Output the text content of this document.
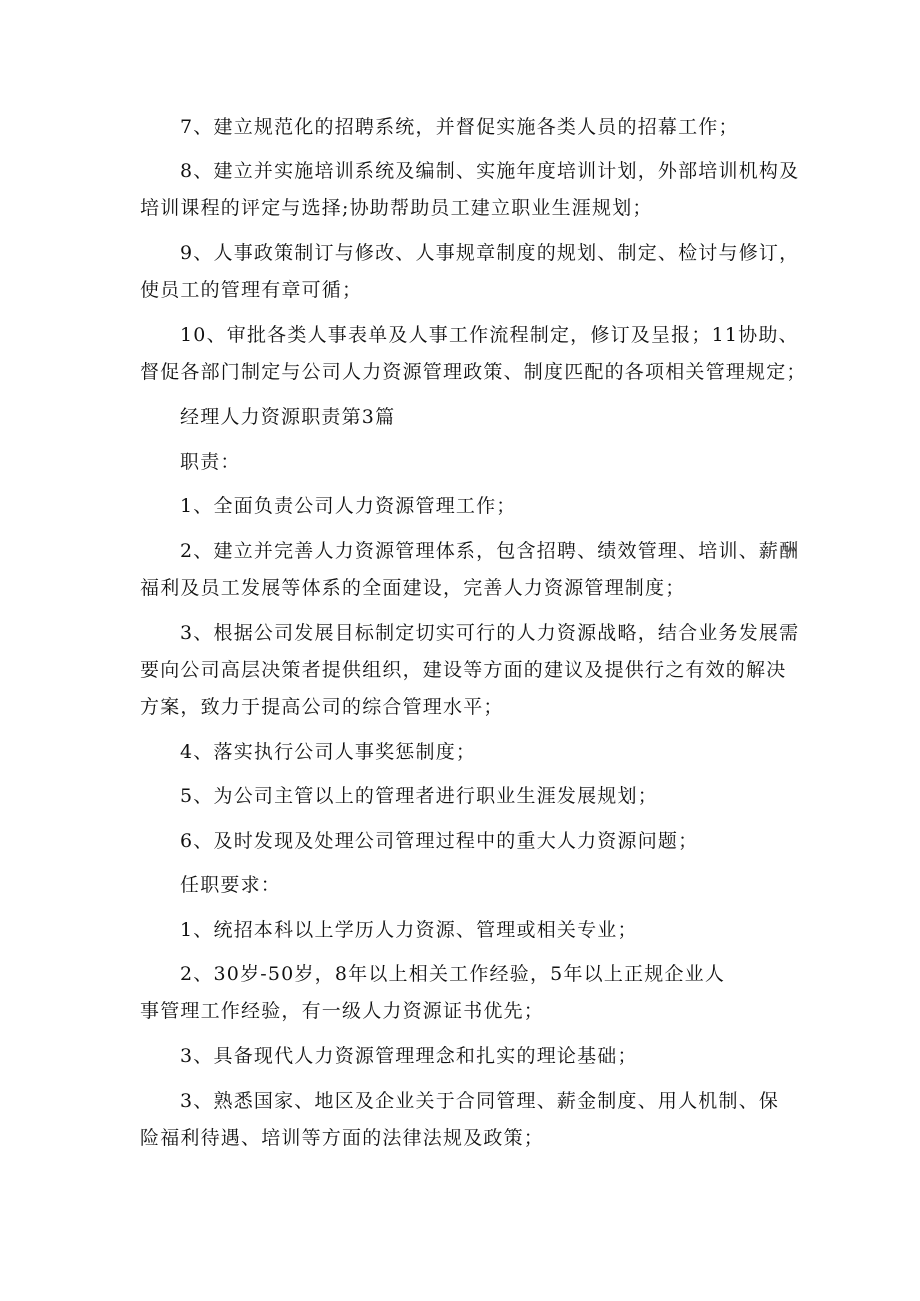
7、建立规范化的招聘系统，并督促实施各类人员的招幕工作；
8、建立并实施培训系统及编制、实施年度培训计划，外部培训机构及
培训课程的评定与选择;协助帮助员工建立职业生涯规划；
9、人事政策制订与修改、人事规章制度的规划、制定、检讨与修订，
使员工的管理有章可循；
10、审批各类人事表单及人事工作流程制定，修订及呈报；11协助、
督促各部门制定与公司人力资源管理政策、制度匹配的各项相关管理规定；
经理人力资源职责第3篇
职责：
1、全面负责公司人力资源管理工作；
2、建立并完善人力资源管理体系，包含招聘、绩效管理、培训、薪酬
福利及员工发展等体系的全面建设，完善人力资源管理制度；
3、根据公司发展目标制定切实可行的人力资源战略，结合业务发展需
要向公司高层决策者提供组织，建设等方面的建议及提供行之有效的解决
方案，致力于提高公司的综合管理水平；
4、落实执行公司人事奖惩制度；
5、为公司主管以上的管理者进行职业生涯发展规划；
6、及时发现及处理公司管理过程中的重大人力资源问题；
任职要求：
1、统招本科以上学历人力资源、管理或相关专业；
2、30岁-50岁，8年以上相关工作经验，5年以上正规企业人
事管理工作经验，有一级人力资源证书优先；
3、具备现代人力资源管理理念和扎实的理论基础；
3、熟悉国家、地区及企业关于合同管理、薪金制度、用人机制、保
险福利待遇、培训等方面的法律法规及政策；
